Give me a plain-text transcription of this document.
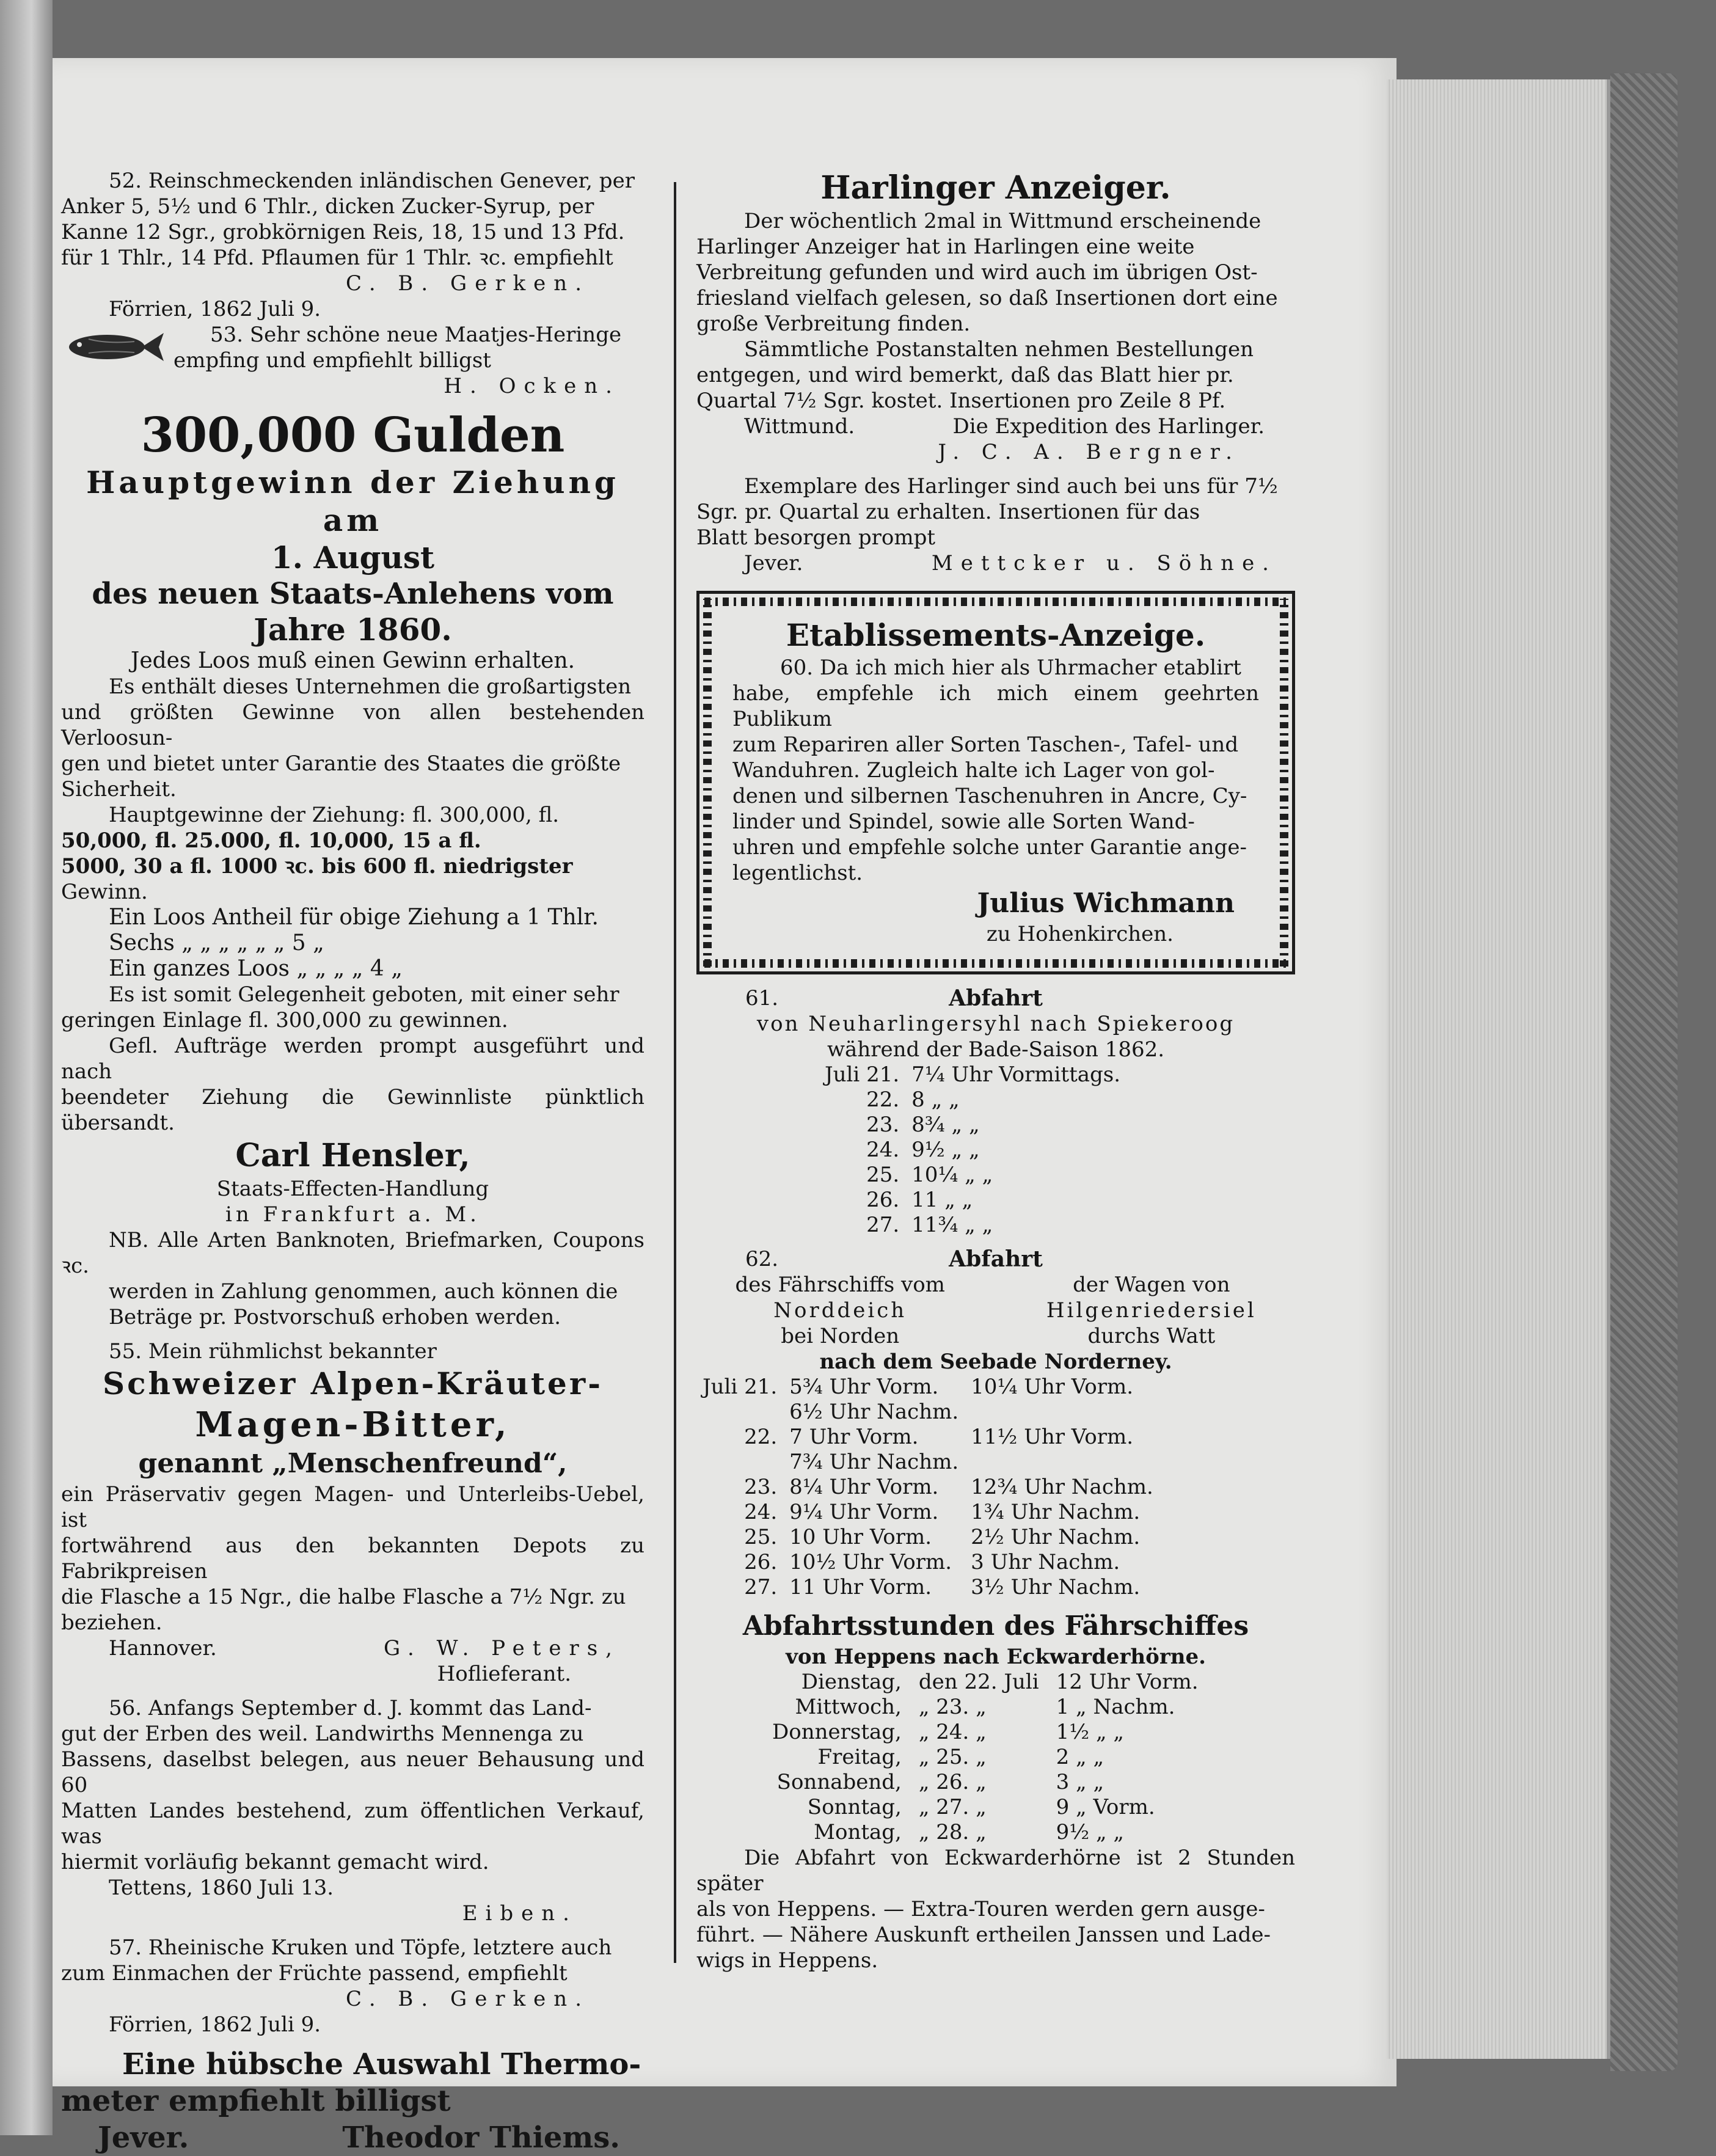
52. Reinschmeckenden inländischen Genever, per

Anker 5, 5½ und 6 Thlr., dicken Zucker-Syrup, per

Kanne 12 Sgr., grobkörnigen Reis, 18, 15 und 13 Pfd.

für 1 Thlr., 14 Pfd. Pflaumen für 1 Thlr. ꝛc. empfiehlt

C. B. Gerken.

Förrien, 1862 Juli 9.

53. Sehr schöne neue Maatjes-Heringe

empfing und empfiehlt billigst

H. Ocken.

300,000 Gulden

Hauptgewinn der Ziehung am

1. August

des neuen Staats-Anlehens vom

Jahre 1860.

Jedes Loos muß einen Gewinn erhalten.

Es enthält dieses Unternehmen die großartigsten

und größten Gewinne von allen bestehenden Verloosun-

gen und bietet unter Garantie des Staates die größte

Sicherheit.

Hauptgewinne der Ziehung: fl. 300,000, fl.

50,000, fl. 25.000, fl. 10,000, 15 a fl.

5000, 30 a fl. 1000 ꝛc. bis 600 fl. niedrigster

Gewinn.

Ein Loos Antheil für obige Ziehung a 1 Thlr.

Sechs „ „ „ „ „ „ 5 „

Ein ganzes Loos „ „ „ „ 4 „

Es ist somit Gelegenheit geboten, mit einer sehr

geringen Einlage fl. 300,000 zu gewinnen.

Gefl. Aufträge werden prompt ausgeführt und nach

beendeter Ziehung die Gewinnliste pünktlich übersandt.

Carl Hensler,

Staats-Effecten-Handlung

in Frankfurt a. M.

NB. Alle Arten Banknoten, Briefmarken, Coupons ꝛc.

werden in Zahlung genommen, auch können die

Beträge pr. Postvorschuß erhoben werden.

55. Mein rühmlichst bekannter

Schweizer Alpen-Kräuter-

Magen-Bitter,

genannt „Menschenfreund“,

ein Präservativ gegen Magen- und Unterleibs-Uebel, ist

fortwährend aus den bekannten Depots zu Fabrikpreisen

die Flasche a 15 Ngr., die halbe Flasche a 7½ Ngr. zu

beziehen.

Hannover.	G. W. Peters,

Hoflieferant.

56. Anfangs September d. J. kommt das Land-

gut der Erben des weil. Landwirths Mennenga zu

Bassens, daselbst belegen, aus neuer Behausung und 60

Matten Landes bestehend, zum öffentlichen Verkauf, was

hiermit vorläufig bekannt gemacht wird.

Tettens, 1860 Juli 13.

Eiben.

57. Rheinische Kruken und Töpfe, letztere auch

zum Einmachen der Früchte passend, empfiehlt

C. B. Gerken.

Förrien, 1862 Juli 9.

Eine hübsche Auswahl Thermo-

meter empfiehlt billigst

Jever.	Theodor Thiems.

Harlinger Anzeiger.

Der wöchentlich 2mal in Wittmund erscheinende

Harlinger Anzeiger hat in Harlingen eine weite

Verbreitung gefunden und wird auch im übrigen Ost-

friesland vielfach gelesen, so daß Insertionen dort eine

große Verbreitung finden.

Sämmtliche Postanstalten nehmen Bestellungen

entgegen, und wird bemerkt, daß das Blatt hier pr.

Quartal 7½ Sgr. kostet. Insertionen pro Zeile 8 Pf.

Wittmund.	Die Expedition des Harlinger.

J. C. A. Bergner.

Exemplare des Harlinger sind auch bei uns für 7½

Sgr. pr. Quartal zu erhalten. Insertionen für das

Blatt besorgen prompt

Jever.	Mettcker u. Söhne.

Etablissements-Anzeige.

60. Da ich mich hier als Uhrmacher etablirt

habe, empfehle ich mich einem geehrten Publikum

zum Repariren aller Sorten Taschen-, Tafel- und

Wanduhren. Zugleich halte ich Lager von gol-

denen und silbernen Taschenuhren in Ancre, Cy-

linder und Spindel, sowie alle Sorten Wand-

uhren und empfehle solche unter Garantie ange-

legentlichst.

Julius Wichmann

zu Hohenkirchen.

61.	Abfahrt

von Neuharlingersyhl nach Spiekeroog

während der Bade-Saison 1862.

Juli 21.	7¼ Uhr Vormittags.
22.	8 „ „
23.	8¾ „ „
24.	9½ „ „
25.	10¼ „ „
26.	11 „ „
27.	11¾ „ „

62.	Abfahrt

des Fährschiffs vom

Norddeich

bei Norden

der Wagen von

Hilgenriedersiel

durchs Watt

nach dem Seebade Norderney.

Juli 21.	5¾ Uhr Vorm.	10¼ Uhr Vorm.
	6½ Uhr Nachm.	
22.	7 Uhr Vorm.	11½ Uhr Vorm.
	7¾ Uhr Nachm.	
23.	8¼ Uhr Vorm.	12¾ Uhr Nachm.
24.	9¼ Uhr Vorm.	1¾ Uhr Nachm.
25.	10 Uhr Vorm.	2½ Uhr Nachm.
26.	10½ Uhr Vorm.	3 Uhr Nachm.
27.	11 Uhr Vorm.	3½ Uhr Nachm.

Abfahrtsstunden des Fährschiffes

von Heppens nach Eckwarderhörne.

Dienstag,	den 22. Juli	12 Uhr Vorm.
Mittwoch,	„ 23. „	1 „ Nachm.
Donnerstag,	„ 24. „	1½ „ „
Freitag,	„ 25. „	2 „ „
Sonnabend,	„ 26. „	3 „ „
Sonntag,	„ 27. „	9 „ Vorm.
Montag,	„ 28. „	9½ „ „

Die Abfahrt von Eckwarderhörne ist 2 Stunden später

als von Heppens. — Extra-Touren werden gern ausge-

führt. — Nähere Auskunft ertheilen Janssen und Lade-

wigs in Heppens.
